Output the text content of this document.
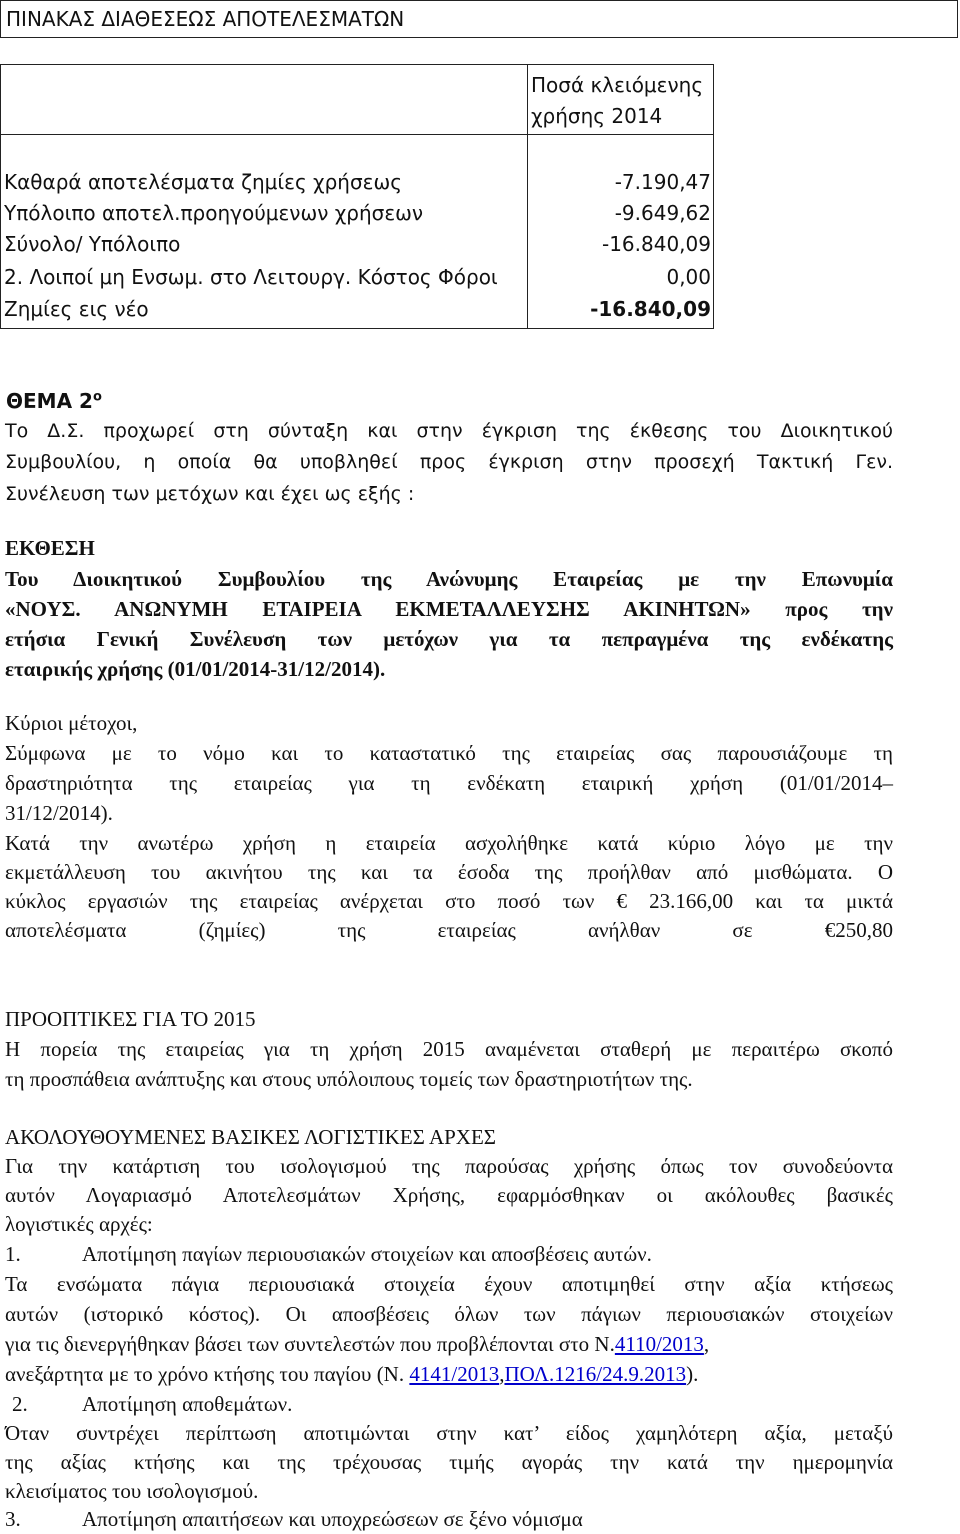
ΠΙΝΑΚΑΣ ΔΙΑΘΕΣΕΩΣ ΑΠΟΤΕΛΕΣΜΑΤΩΝ
Ποσά κλειόμενης
χρήσης 2014
Καθαρά αποτελέσματα ζημίες χρήσεως	-7.190,47
Υπόλοιπο αποτελ.προηγούμενων χρήσεων	-9.649,62
Σύνολο/ Υπόλοιπο	-16.840,09
2. Λοιποί μη Ενσωμ. στο Λειτουργ. Κόστος Φόροι	0,00
Ζημίες εις νέο	-16.840,09
ΘΕΜΑ $2^o$
Το Δ.Σ. προχωρεί στη σύνταξη και στην έγκριση της έκθεσης του Διοικητικού
Συμβουλίου, η οποία θα υποβληθεί προς έγκριση στην προσεχή Τακτική Γεν.
Συνέλευση των μετόχων και έχει ως εξής :
ΕΚΘΕΣΗ
Του Διοικητικού Συμβουλίου της Ανώνυμης Εταιρείας με την Επωνυμία
«ΝΟΥΣ. ΑΝΩΝΥΜΗ ΕΤΑΙΡΕΙΑ ΕΚΜΕΤΑΛΛΕΥΣΗΣ ΑΚΙΝΗΤΩΝ» προς την
ετήσια Γενική Συνέλευση των μετόχων για τα πεπραγμένα της ενδέκατης
εταιρικής χρήσης (01/01/2014-31/12/2014).
Κύριοι μέτοχοι,
Σύμφωνα με το νόμο και το καταστατικό της εταιρείας σας παρουσιάζουμε τη
δραστηριότητα της εταιρείας για τη ενδέκατη εταιρική χρήση (01/01/2014–
31/12/2014).
Κατά την ανωτέρω χρήση η εταιρεία ασχολήθηκε κατά κύριο λόγο με την
εκμετάλλευση του ακινήτου της και τα έσοδα της προήλθαν από μισθώματα. Ο
κύκλος εργασιών της εταιρείας ανέρχεται στο ποσό των € 23.166,00 και τα μικτά
αποτελέσματα (ζημίες) της εταιρείας ανήλθαν σε €250,80
ΠΡΟΟΠΤΙΚΕΣ ΓΙΑ ΤΟ 2015
Η πορεία της εταιρείας για τη χρήση 2015 αναμένεται σταθερή με περαιτέρω σκοπό
τη προσπάθεια ανάπτυξης και στους υπόλοιπους τομείς των δραστηριοτήτων της.
ΑΚΟΛΟΥΘΟΥΜΕΝΕΣ ΒΑΣΙΚΕΣ ΛΟΓΙΣΤΙΚΕΣ ΑΡΧΕΣ
Για την κατάρτιση του ισολογισμού της παρούσας χρήσης όπως τον συνοδεύοντα
αυτόν Λογαριασμό Αποτελεσμάτων Χρήσης, εφαρμόσθηκαν οι ακόλουθες βασικές
λογιστικές αρχές:
1.	Αποτίμηση παγίων περιουσιακών στοιχείων και αποσβέσεις αυτών.
Τα ενσώματα πάγια περιουσιακά στοιχεία έχουν αποτιμηθεί στην αξία κτήσεως
αυτών (ιστορικό κόστος). Οι αποσβέσεις όλων των πάγιων περιουσιακών στοιχείων
για τις διενεργήθηκαν βάσει των συντελεστών που προβλέπονται στο Ν.4110/2013,
ανεξάρτητα με το χρόνο κτήσης του παγίου (Ν. 4141/2013,ΠΟΛ.1216/24.9.2013).
2.	Αποτίμηση αποθεμάτων.
Όταν συντρέχει περίπτωση αποτιμώνται στην κατ’ είδος χαμηλότερη αξία, μεταξύ
της αξίας κτήσης και της τρέχουσας τιμής αγοράς την κατά την ημερομηνία
κλεισίματος του ισολογισμού.
3.	Αποτίμηση απαιτήσεων και υποχρεώσεων σε ξένο νόμισμα
